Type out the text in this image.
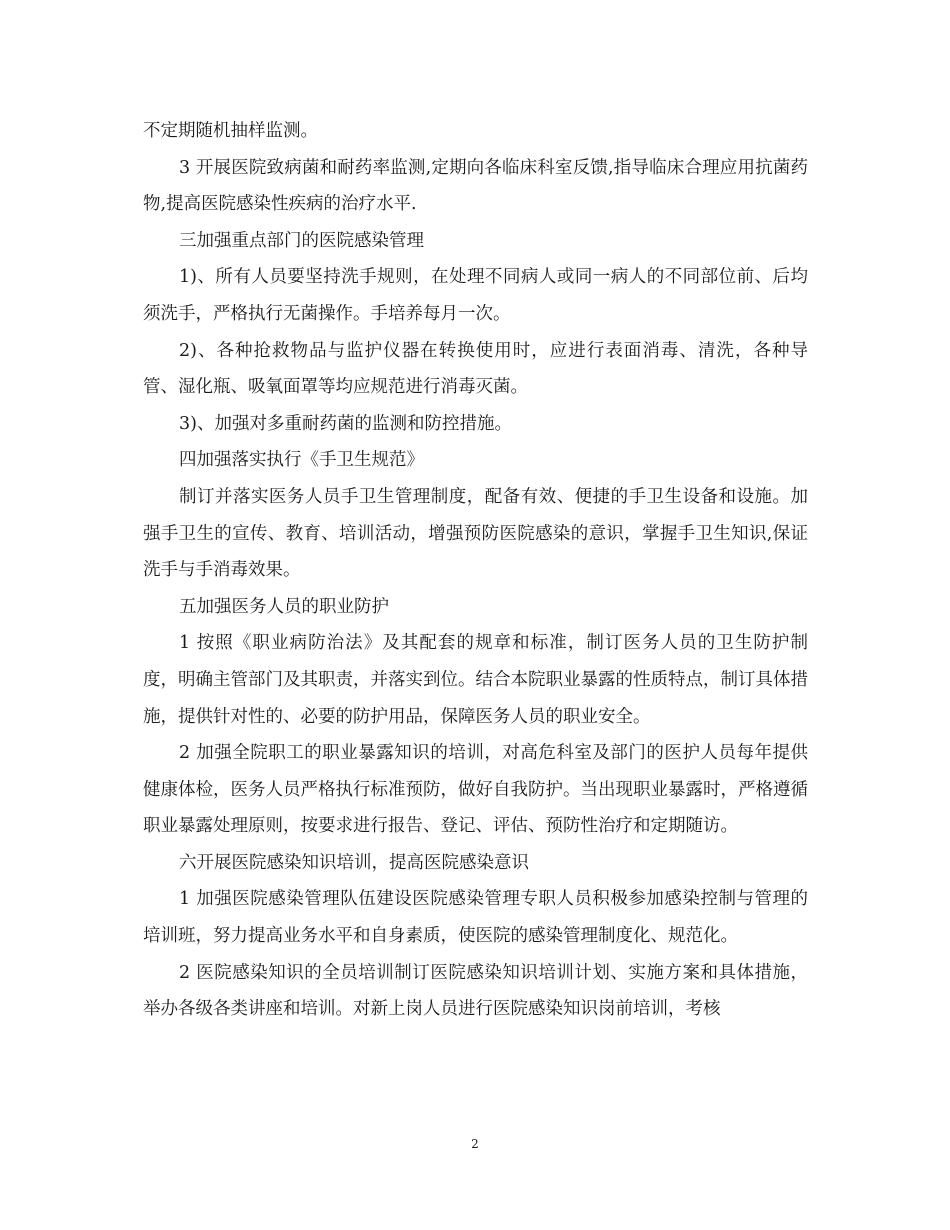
不定期随机抽样监测。

3 开展医院致病菌和耐药率监测,定期向各临床科室反馈,指导临床合理应用抗菌药物,提高医院感染性疾病的治疗水平.

三加强重点部门的医院感染管理

1)、所有人员要坚持洗手规则，在处理不同病人或同一病人的不同部位前、后均须洗手，严格执行无菌操作。手培养每月一次。

2)、各种抢救物品与监护仪器在转换使用时，应进行表面消毒、清洗，各种导管、湿化瓶、吸氧面罩等均应规范进行消毒灭菌。

3)、加强对多重耐药菌的监测和防控措施。

四加强落实执行《手卫生规范》

制订并落实医务人员手卫生管理制度，配备有效、便捷的手卫生设备和设施。加强手卫生的宣传、教育、培训活动，增强预防医院感染的意识，掌握手卫生知识,保证洗手与手消毒效果。

五加强医务人员的职业防护

1 按照《职业病防治法》及其配套的规章和标准，制订医务人员的卫生防护制度，明确主管部门及其职责，并落实到位。结合本院职业暴露的性质特点，制订具体措施，提供针对性的、必要的防护用品，保障医务人员的职业安全。

2 加强全院职工的职业暴露知识的培训，对高危科室及部门的医护人员每年提供健康体检，医务人员严格执行标准预防，做好自我防护。当出现职业暴露时，严格遵循职业暴露处理原则，按要求进行报告、登记、评估、预防性治疗和定期随访。

六开展医院感染知识培训，提高医院感染意识

1 加强医院感染管理队伍建设医院感染管理专职人员积极参加感染控制与管理的培训班，努力提高业务水平和自身素质，使医院的感染管理制度化、规范化。

2 医院感染知识的全员培训制订医院感染知识培训计划、实施方案和具体措施，举办各级各类讲座和培训。对新上岗人员进行医院感染知识岗前培训，考核

2
